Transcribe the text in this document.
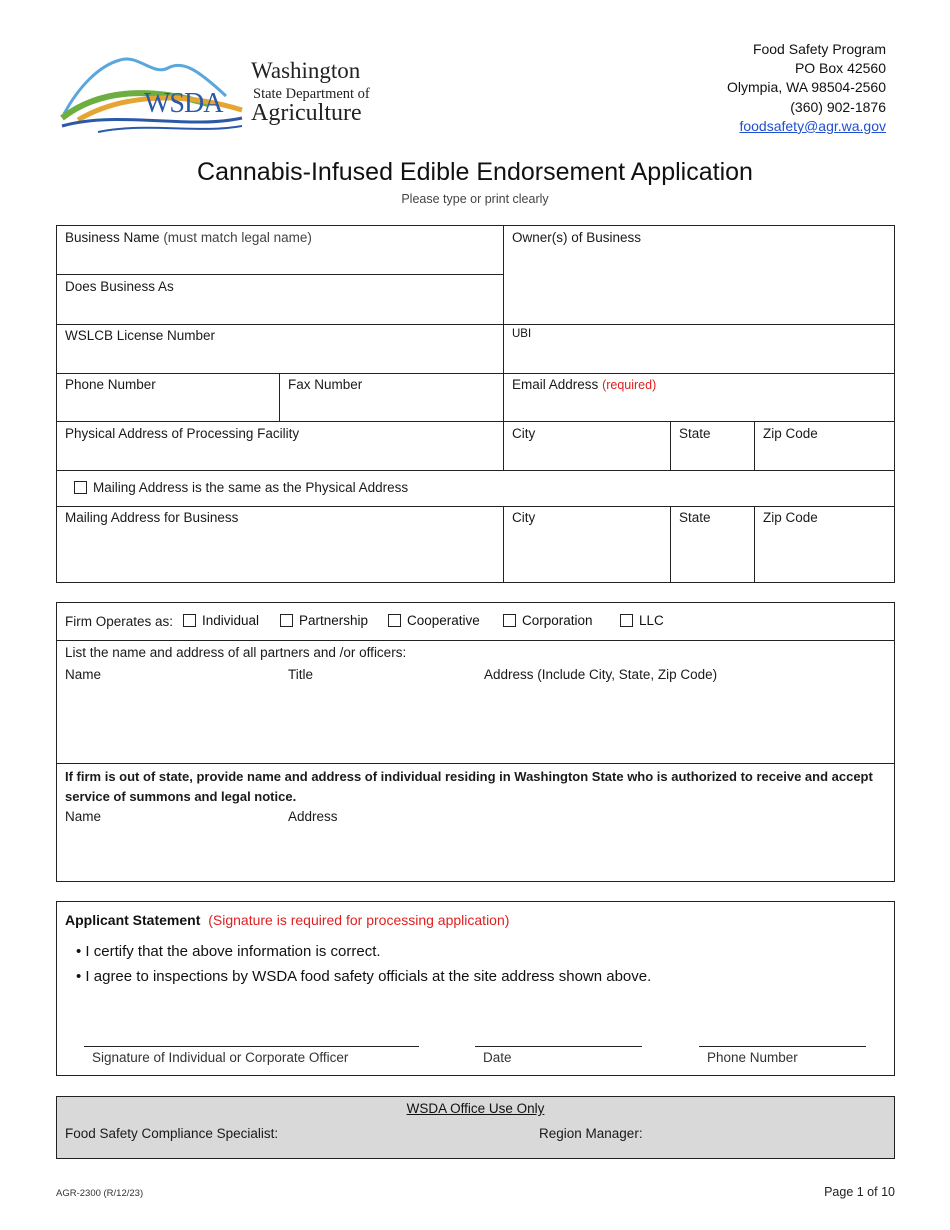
WSDA
Washington
State Department of
Agriculture
Food Safety Program
PO Box 42560
Olympia, WA 98504-2560
(360) 902-1876
foodsafety@agr.wa.gov
Cannabis-Infused Edible Endorsement Application
Please type or print clearly
Business Name (must match legal name)	Owner(s) of Business
Does Business As
WSLCB License Number	UBI
Phone Number	Fax Number	Email Address (required)
Physical Address of Processing Facility	City	State	Zip Code
Mailing Address is the same as the Physical Address
Mailing Address for Business	City	State	Zip Code
Firm Operates as: Individual	Partnership	Cooperative	Corporation	LLC
List the name and address of all partners and /or officers:
Name	Title	Address (Include City, State, Zip Code)
If firm is out of state, provide name and address of individual residing in Washington State who is authorized to receive and accept service of summons and legal notice.
Name	Address
Applicant Statement (Signature is required for processing application)
• I certify that the above information is correct.
• I agree to inspections by WSDA food safety officials at the site address shown above.
Signature of Individual or Corporate Officer	Date	Phone Number
WSDA Office Use Only
Food Safety Compliance Specialist:	Region Manager:
AGR-2300 (R/12/23)	Page 1 of 10
